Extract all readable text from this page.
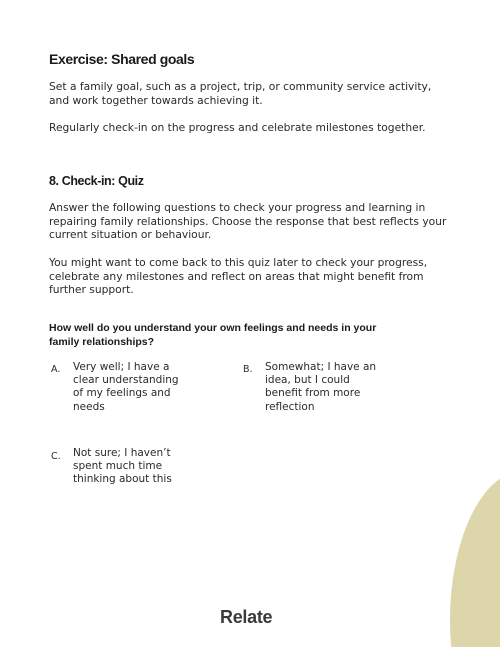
Exercise: Shared goals

Set a family goal, such as a project, trip, or community service activity, and work together towards achieving it.

Regularly check-in on the progress and celebrate milestones together.

8. Check-in: Quiz

Answer the following questions to check your progress and learning in repairing family relationships. Choose the response that best reflects your current situation or behaviour.

You might want to come back to this quiz later to check your progress, celebrate any milestones and reflect on areas that might benefit from further support.

How well do you understand your own feelings and needs in your family relationships?

A. Very well; I have a clear understanding of my feelings and needs

B. Somewhat; I have an idea, but I could benefit from more reflection

C. Not sure; I haven’t spent much time thinking about this

Relate
